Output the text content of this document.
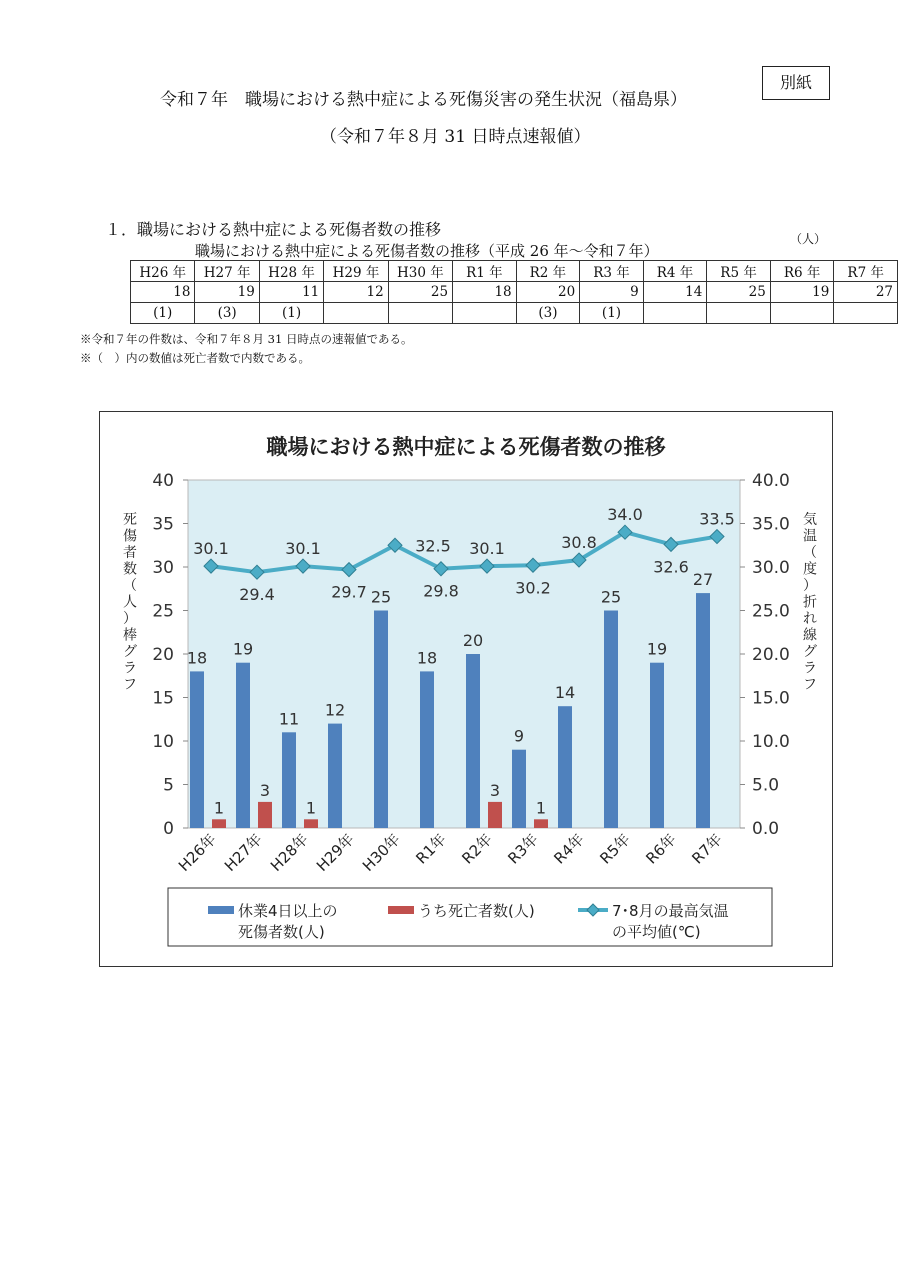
別紙
令和７年　職場における熱中症による死傷災害の発生状況（福島県）
（令和７年８月 31 日時点速報値）
１．職場における熱中症による死傷者数の推移	（人）
職場における熱中症による死傷者数の推移（平成 26 年～令和７年）
H26 年	H27 年	H28 年	H29 年	H30 年	R1 年	R2 年	R3 年	R4 年	R5 年	R6 年	R7 年
18	19	11	12	25	18	20	9	14	25	19	27
(1)	(3)	(1)				(3)	(1)				
※令和７年の件数は、令和７年８月 31 日時点の速報値である。
※（　）内の数値は死亡者数で内数である。
職場における熱中症による死傷者数の推移
0
5
10
15
20
25
30
35
40
0.0
5.0
10.0
15.0
20.0
25.0
30.0
35.0
40.0
死傷者数（人）棒グラフ
気温（度）折れ線グラフ
18
1
H26年
19
3
H27年
11
1
H28年
12
H29年
25
H30年
18
R1年
20
3
R2年
9
1
R3年
14
R4年
25
R5年
19
R6年
27
R7年
30.1
29.4
30.1
29.7
32.5
29.8
30.1
30.2
30.8
34.0
32.6
33.5
休業4日以上の
死傷者数(人)
うち死亡者数(人)	7･8月の最高気温
の平均値(℃)
